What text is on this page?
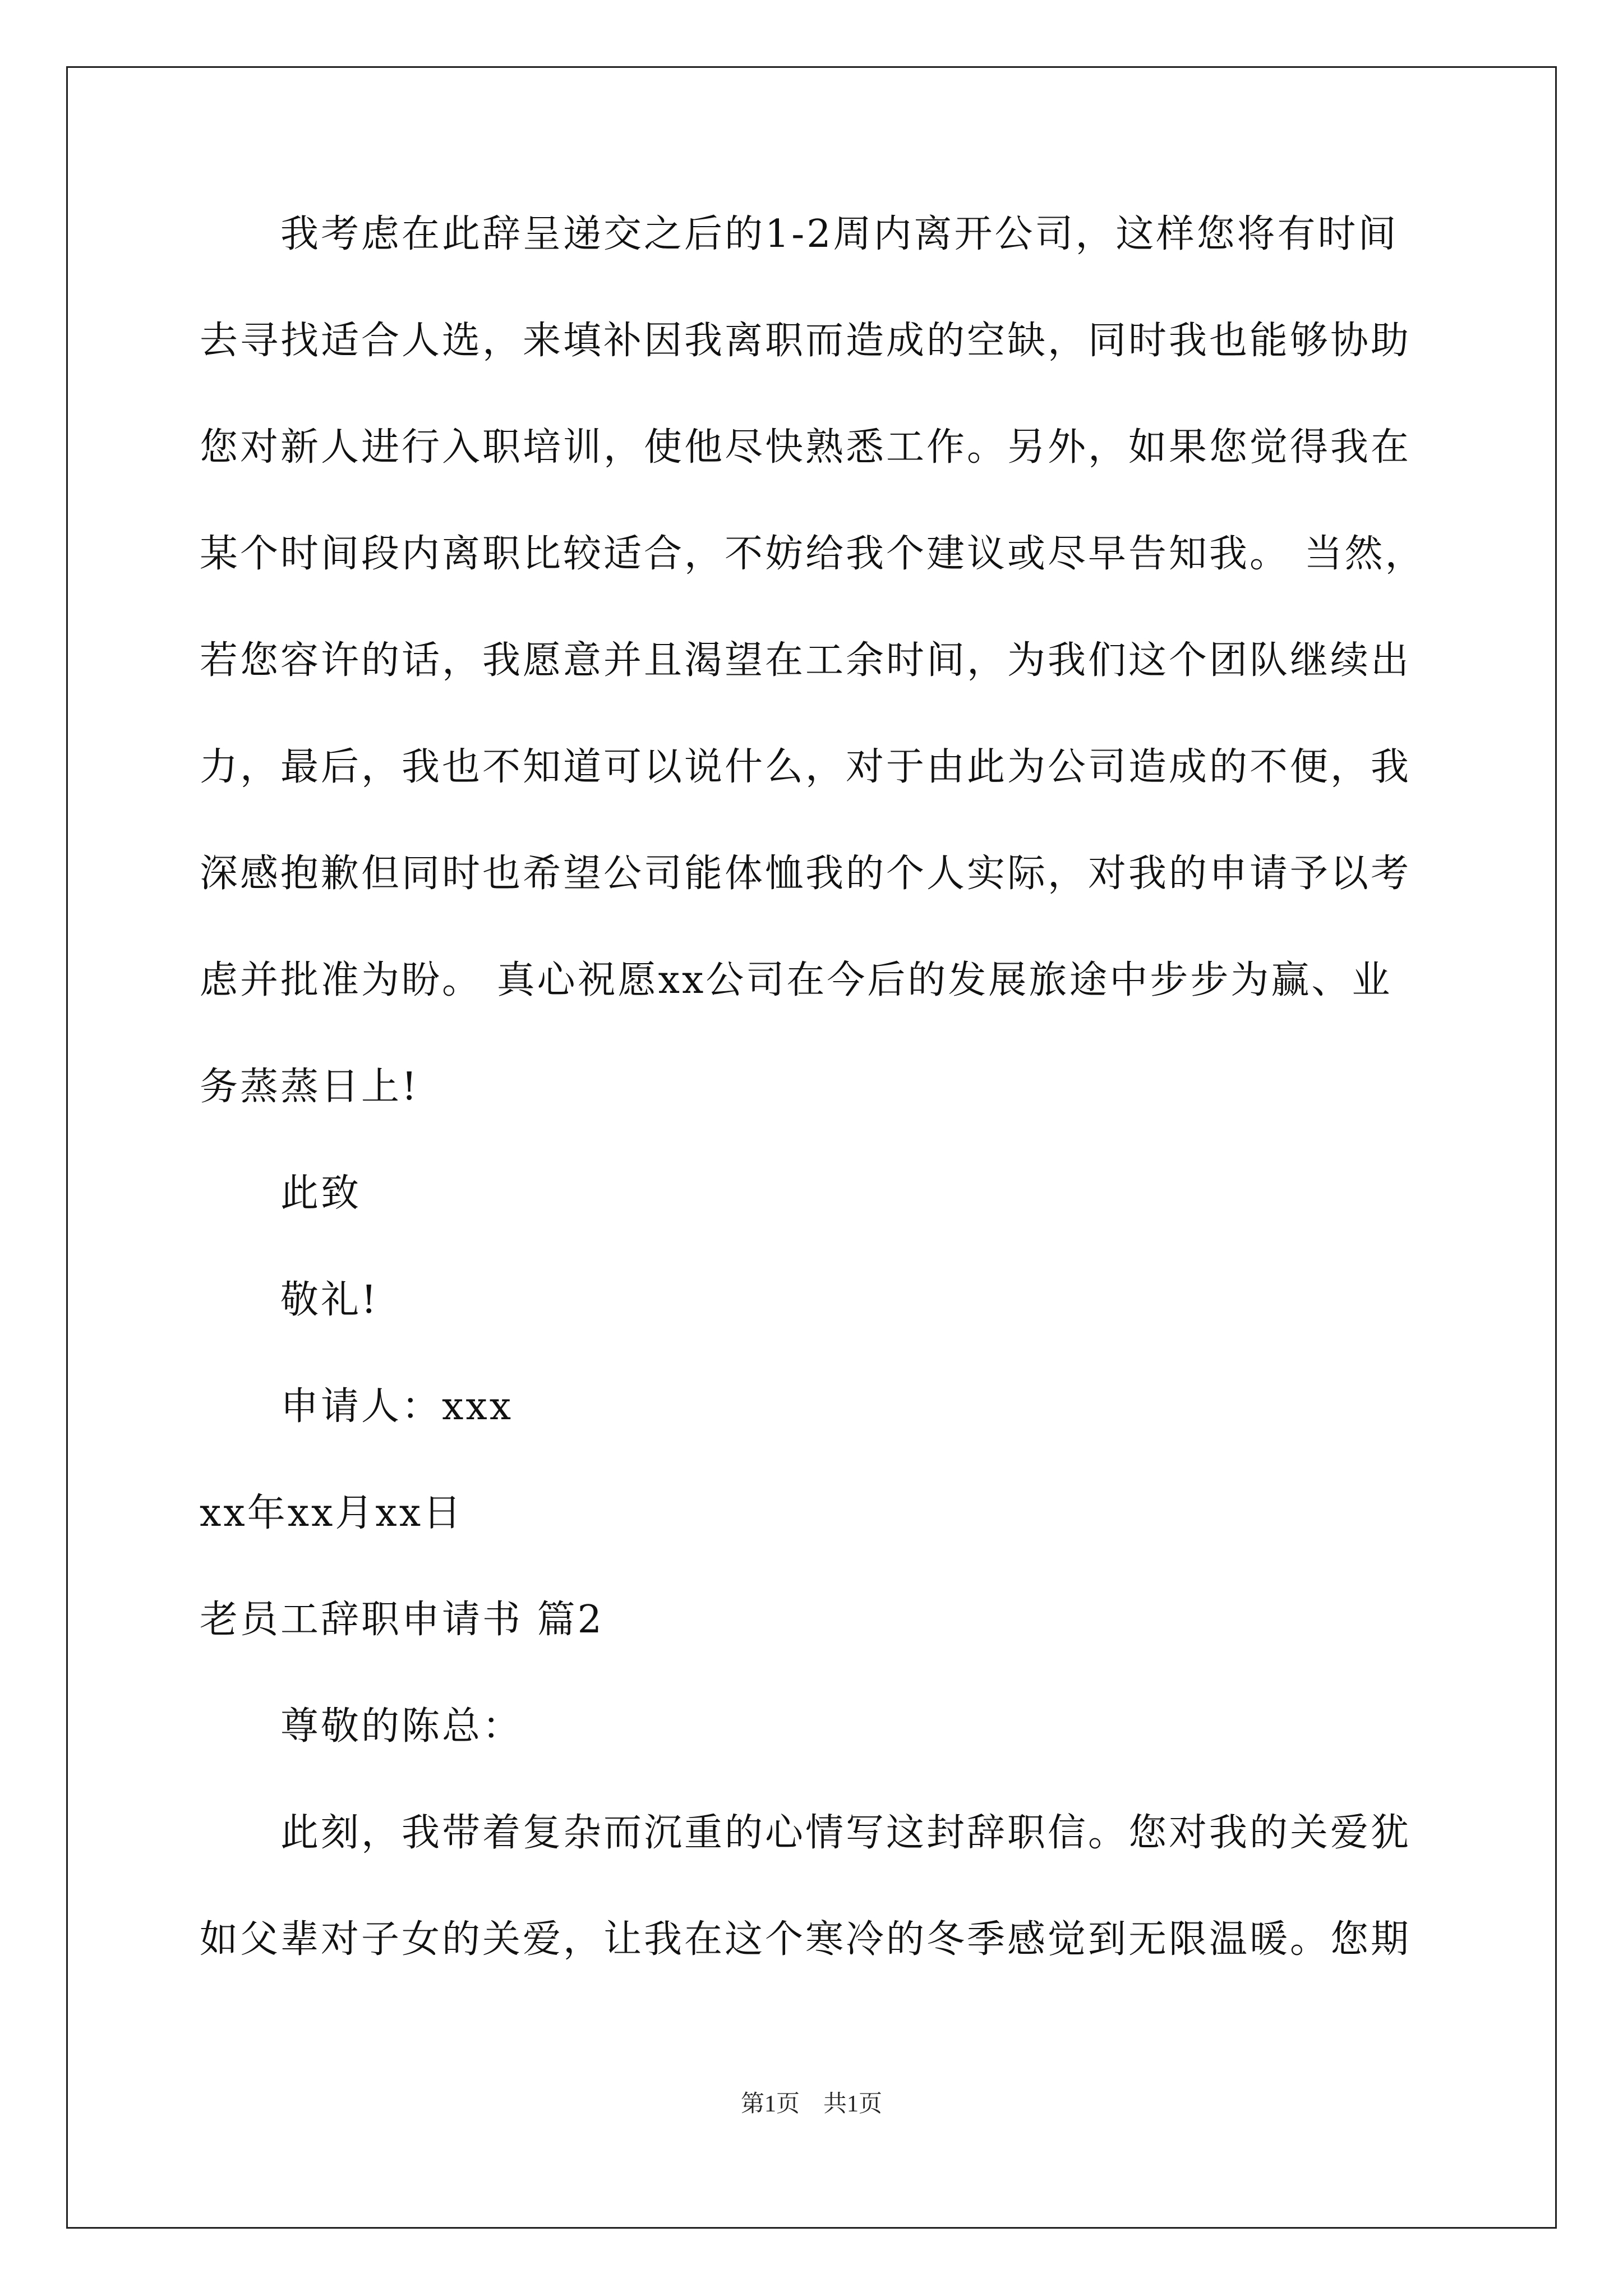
我考虑在此辞呈递交之后的1-2周内离开公司，这样您将有时间
去寻找适合人选，来填补因我离职而造成的空缺，同时我也能够协助
您对新人进行入职培训，使他尽快熟悉工作。另外，如果您觉得我在
某个时间段内离职比较适合，不妨给我个建议或尽早告知我。 当然，
若您容许的话，我愿意并且渴望在工余时间，为我们这个团队继续出
力，最后，我也不知道可以说什么，对于由此为公司造成的不便，我
深感抱歉但同时也希望公司能体恤我的个人实际，对我的申请予以考
虑并批准为盼。 真心祝愿xx公司在今后的发展旅途中步步为赢、业
务蒸蒸日上!
此致
敬礼!
申请人：xxx
xx年xx月xx日
老员工辞职申请书 篇2
尊敬的陈总：
此刻，我带着复杂而沉重的心情写这封辞职信。您对我的关爱犹
如父辈对子女的关爱，让我在这个寒冷的冬季感觉到无限温暖。您期
第1页　共1页
